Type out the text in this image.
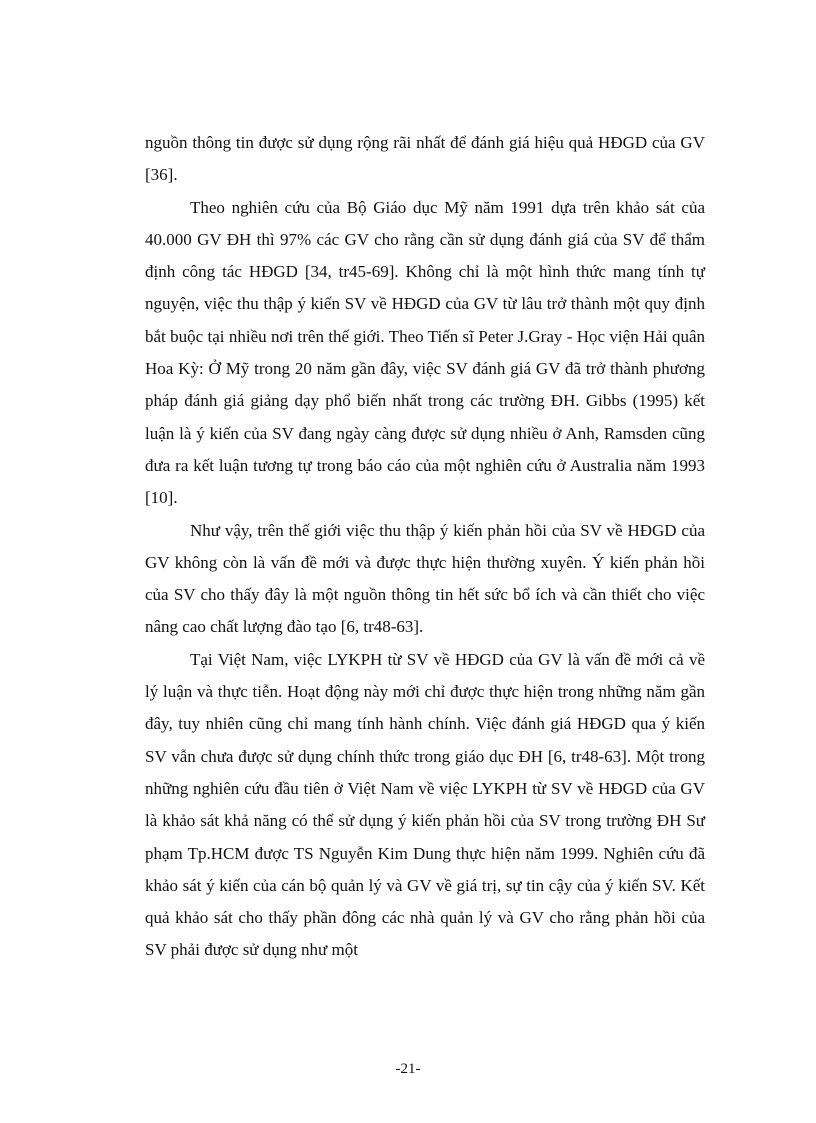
nguồn thông tin được sử dụng rộng rãi nhất để đánh giá hiệu quả HĐGD của GV [36].

Theo nghiên cứu của Bộ Giáo dục Mỹ năm 1991 dựa trên khảo sát của 40.000 GV ĐH thì 97% các GV cho rằng cần sử dụng đánh giá của SV để thẩm định công tác HĐGD [34, tr45-69]. Không chỉ là một hình thức mang tính tự nguyện, việc thu thập ý kiến SV về HĐGD của GV từ lâu trở thành một quy định bắt buộc tại nhiều nơi trên thế giới. Theo Tiến sĩ Peter J.Gray - Học viện Hải quân Hoa Kỳ: Ở Mỹ trong 20 năm gần đây, việc SV đánh giá GV đã trở thành phương pháp đánh giá giảng dạy phổ biến nhất trong các trường ĐH. Gibbs (1995) kết luận là ý kiến của SV đang ngày càng được sử dụng nhiều ở Anh, Ramsden cũng đưa ra kết luận tương tự trong báo cáo của một nghiên cứu ở Australia năm 1993 [10].

Như vậy, trên thế giới việc thu thập ý kiến phản hồi của SV về HĐGD của GV không còn là vấn đề mới và được thực hiện thường xuyên. Ý kiến phản hồi của SV cho thấy đây là một nguồn thông tin hết sức bổ ích và cần thiết cho việc nâng cao chất lượng đào tạo [6, tr48-63].

Tại Việt Nam, việc LYKPH từ SV về HĐGD của GV là vấn đề mới cả về lý luận và thực tiễn. Hoạt động này mới chỉ được thực hiện trong những năm gần đây, tuy nhiên cũng chỉ mang tính hành chính. Việc đánh giá HĐGD qua ý kiến SV vẫn chưa được sử dụng chính thức trong giáo dục ĐH [6, tr48-63]. Một trong những nghiên cứu đầu tiên ở Việt Nam về việc LYKPH từ SV về HĐGD của GV là khảo sát khả năng có thể sử dụng ý kiến phản hồi của SV trong trường ĐH Sư phạm Tp.HCM được TS Nguyễn Kim Dung thực hiện năm 1999. Nghiên cứu đã khảo sát ý kiến của cán bộ quản lý và GV về giá trị, sự tin cậy của ý kiến SV. Kết quả khảo sát cho thấy phần đông các nhà quản lý và GV cho rằng phản hồi của SV phải được sử dụng như một

-21-
